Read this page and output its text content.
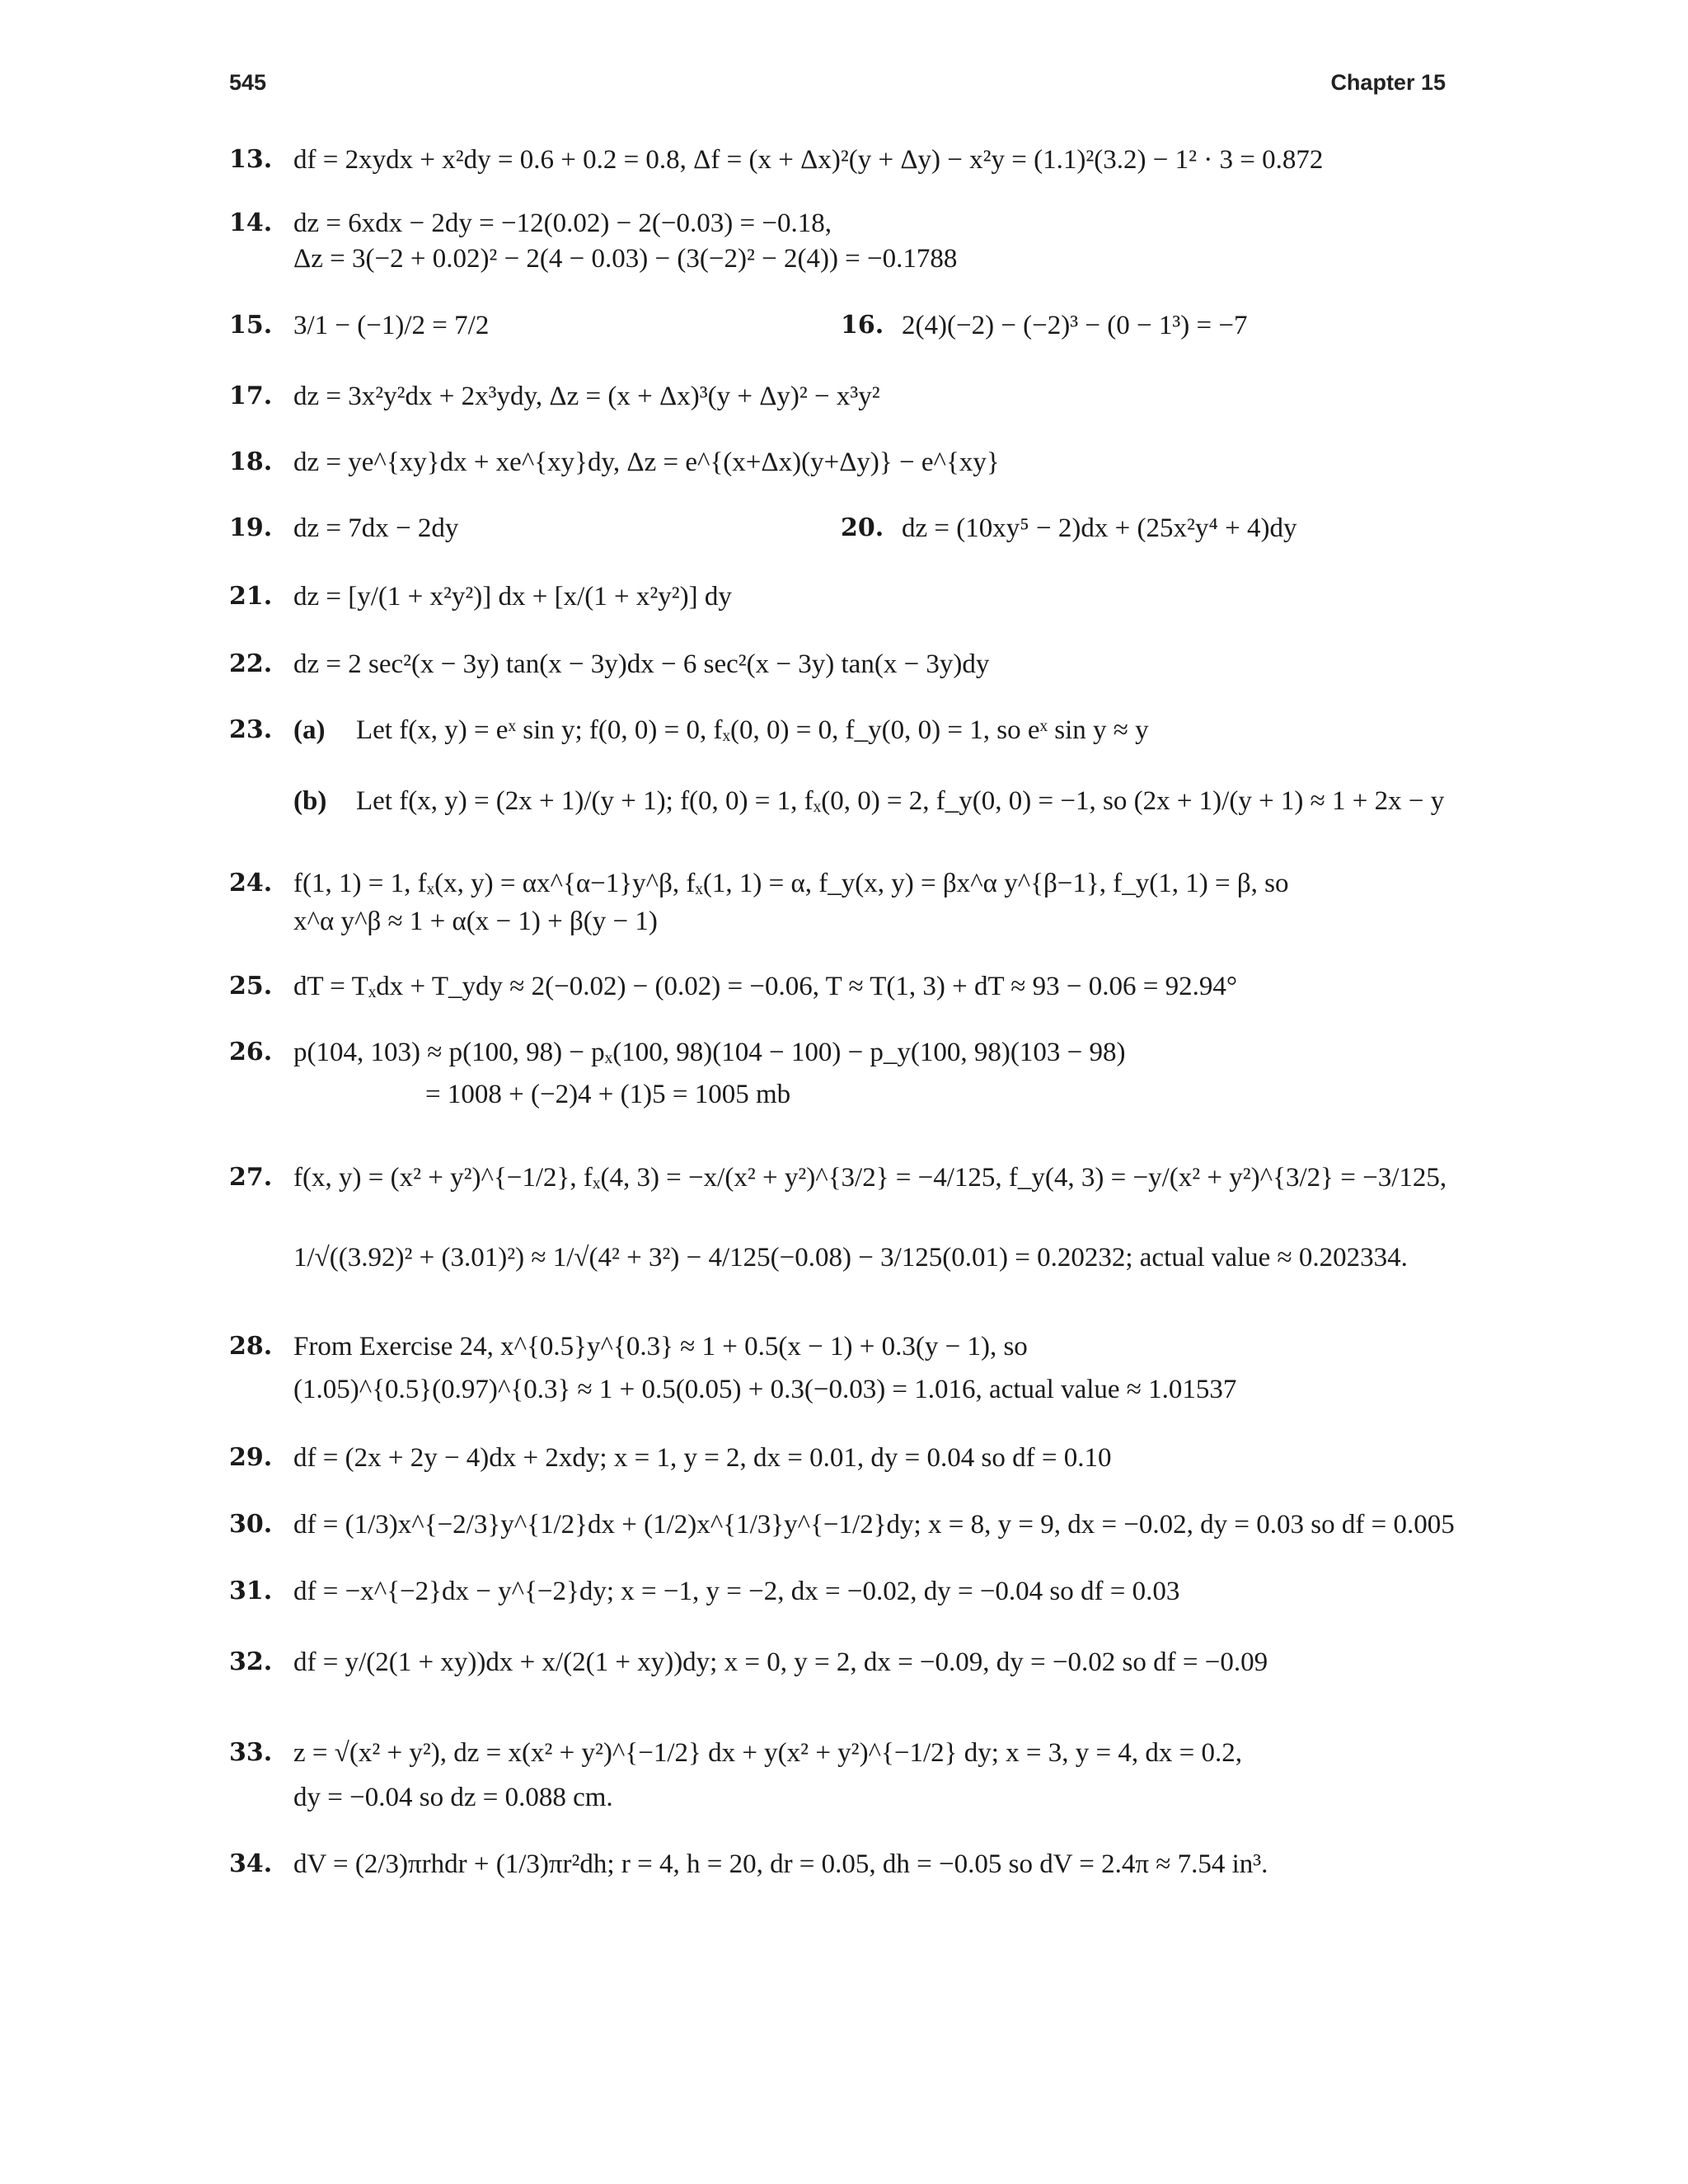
545	Chapter 15
13. df = 2xydx + x²dy = 0.6 + 0.2 = 0.8, Δf = (x + Δx)²(y + Δy) − x²y = (1.1)²(3.2) − 1² · 3 = 0.872
14. dz = 6xdx − 2dy = −12(0.02) − 2(−0.03) = −0.18,
Δz = 3(−2 + 0.02)² − 2(4 − 0.03) − (3(−2)² − 2(4)) = −0.1788
15. 3/1 − (−1)/2 = 7/2	16. 2(4)(−2) − (−2)³ − (0 − 1³) = −7
17. dz = 3x²y²dx + 2x³ydy, Δz = (x + Δx)³(y + Δy)² − x³y²
18. dz = ye^{xy}dx + xe^{xy}dy, Δz = e^{(x+Δx)(y+Δy)} − e^{xy}
19. dz = 7dx − 2dy	20. dz = (10xy⁵ − 2)dx + (25x²y⁴ + 4)dy
21. dz = [y/(1 + x²y²)] dx + [x/(1 + x²y²)] dy
22. dz = 2 sec²(x − 3y) tan(x − 3y)dx − 6 sec²(x − 3y) tan(x − 3y)dy
23. (a) Let f(x, y) = eˣ sin y; f(0, 0) = 0, fₓ(0, 0) = 0, f_y(0, 0) = 1, so eˣ sin y ≈ y
(b) Let f(x, y) = (2x + 1)/(y + 1); f(0, 0) = 1, fₓ(0, 0) = 2, f_y(0, 0) = −1, so (2x + 1)/(y + 1) ≈ 1 + 2x − y
24. f(1, 1) = 1, fₓ(x, y) = αx^{α−1}y^β, fₓ(1, 1) = α, f_y(x, y) = βx^α y^{β−1}, f_y(1, 1) = β, so
x^α y^β ≈ 1 + α(x − 1) + β(y − 1)
25. dT = Tₓdx + T_ydy ≈ 2(−0.02) − (0.02) = −0.06, T ≈ T(1, 3) + dT ≈ 93 − 0.06 = 92.94°
26. p(104, 103) ≈ p(100, 98) − pₓ(100, 98)(104 − 100) − p_y(100, 98)(103 − 98)
= 1008 + (−2)4 + (1)5 = 1005 mb
27. f(x, y) = (x² + y²)^{−1/2}, fₓ(4, 3) = −x/(x² + y²)^{3/2} = −4/125, f_y(4, 3) = −y/(x² + y²)^{3/2} = −3/125,
1/√((3.92)² + (3.01)²) ≈ 1/√(4² + 3²) − 4/125(−0.08) − 3/125(0.01) = 0.20232; actual value ≈ 0.202334.
28. From Exercise 24, x^{0.5}y^{0.3} ≈ 1 + 0.5(x − 1) + 0.3(y − 1), so
(1.05)^{0.5}(0.97)^{0.3} ≈ 1 + 0.5(0.05) + 0.3(−0.03) = 1.016, actual value ≈ 1.01537
29. df = (2x + 2y − 4)dx + 2xdy; x = 1, y = 2, dx = 0.01, dy = 0.04 so df = 0.10
30. df = (1/3)x^{−2/3}y^{1/2}dx + (1/2)x^{1/3}y^{−1/2}dy; x = 8, y = 9, dx = −0.02, dy = 0.03 so df = 0.005
31. df = −x^{−2}dx − y^{−2}dy; x = −1, y = −2, dx = −0.02, dy = −0.04 so df = 0.03
32. df = y/(2(1 + xy))dx + x/(2(1 + xy))dy; x = 0, y = 2, dx = −0.09, dy = −0.02 so df = −0.09
33. z = √(x² + y²), dz = x(x² + y²)^{−1/2} dx + y(x² + y²)^{−1/2} dy; x = 3, y = 4, dx = 0.2,
dy = −0.04 so dz = 0.088 cm.
34. dV = (2/3)πrhdr + (1/3)πr²dh; r = 4, h = 20, dr = 0.05, dh = −0.05 so dV = 2.4π ≈ 7.54 in³.
